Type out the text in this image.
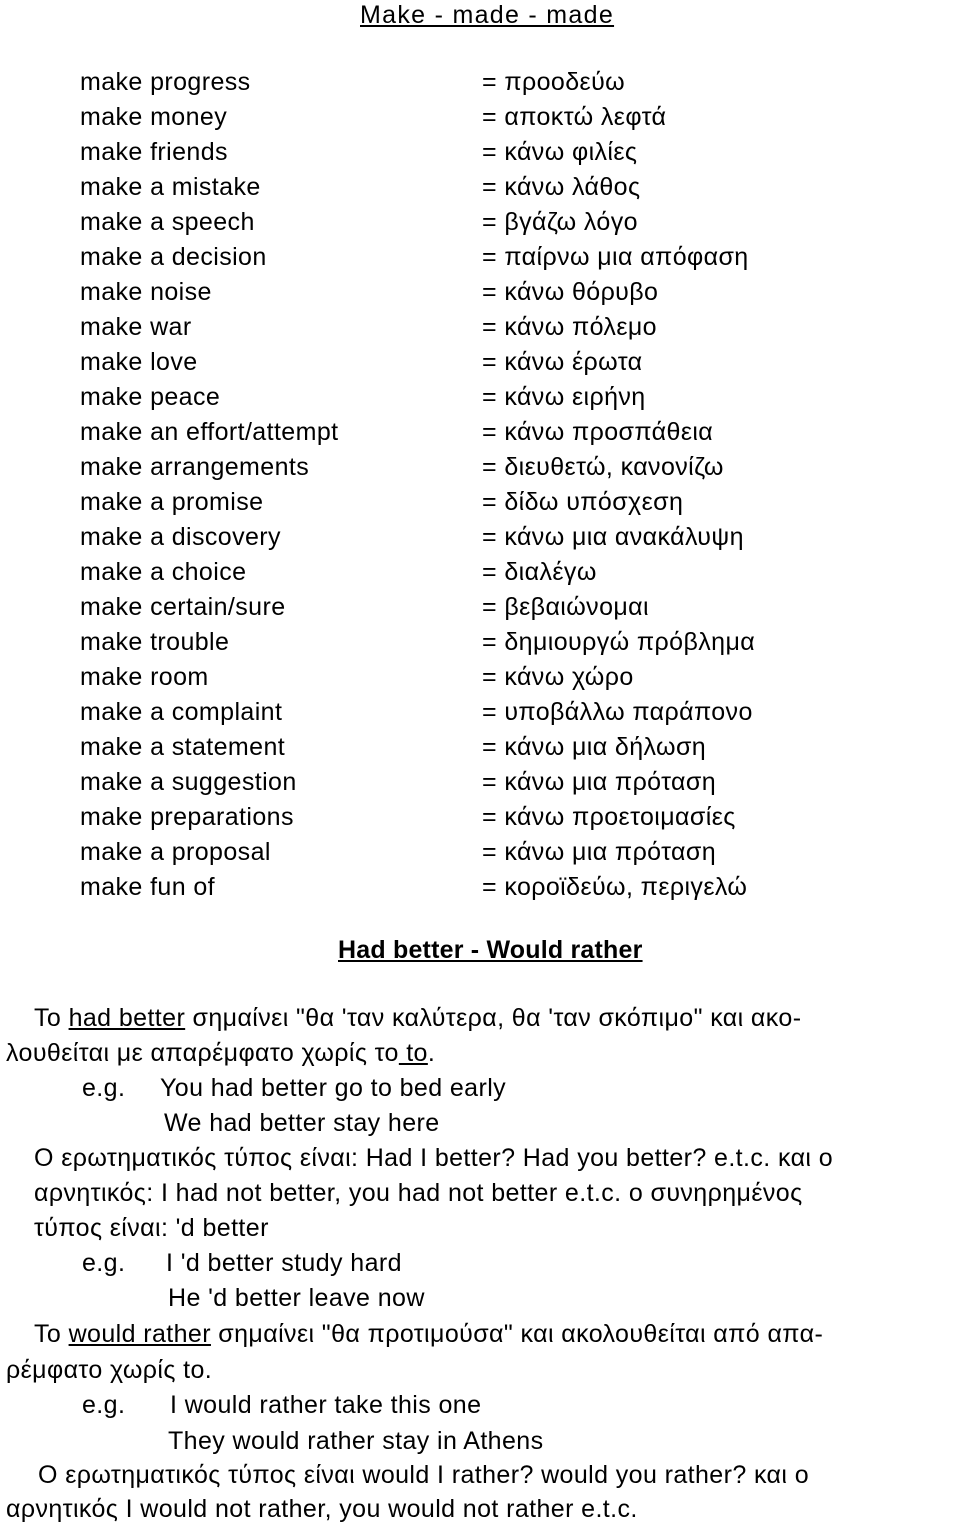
Make - made - made
make progress	= προοδεύω
make money	= αποκτώ λεφτά
make friends	= κάνω φιλίες
make a mistake	= κάνω λάθος
make a speech	= βγάζω λόγο
make a decision	= παίρνω μια απόφαση
make noise	= κάνω θόρυβο
make war	= κάνω πόλεμο
make love	= κάνω έρωτα
make peace	= κάνω ειρήνη
make an effort/attempt	= κάνω προσπάθεια
make arrangements	= διευθετώ, κανονίζω
make a promise	= δίδω υπόσχεση
make a discovery	= κάνω μια ανακάλυψη
make a choice	= διαλέγω
make certain/sure	= βεβαιώνομαι
make trouble	= δημιουργώ πρόβλημα
make room	= κάνω χώρο
make a complaint	= υποβάλλω παράπονο
make a statement	= κάνω μια δήλωση
make a suggestion	= κάνω μια πρόταση
make preparations	= κάνω προετοιμασίες
make a proposal	= κάνω μια πρόταση
make fun of	= κοροϊδεύω, περιγελώ
Had better - Would rather
Το had better σημαίνει "θα 'ταν καλύτερα, θα 'ταν σκόπιμο" και ακο-
λουθείται με απαρέμφατο χωρίς το to.
e.g. You had better go to bed early
We had better stay here
Ο ερωτηματικός τύπος είναι: Had I better? Had you better? e.t.c. και ο
αρνητικός: I had not better, you had not better e.t.c. ο συνηρημένος
τύπος είναι: 'd better
e.g. I 'd better study hard
He 'd better leave now
Το would rather σημαίνει "θα προτιμούσα" και ακολουθείται από απα-
ρέμφατο χωρίς to.
e.g. I would rather take this one
They would rather stay in Athens
Ο ερωτηματικός τύπος είναι would I rather? would you rather? και ο
αρνητικός I would not rather, you would not rather e.t.c.
